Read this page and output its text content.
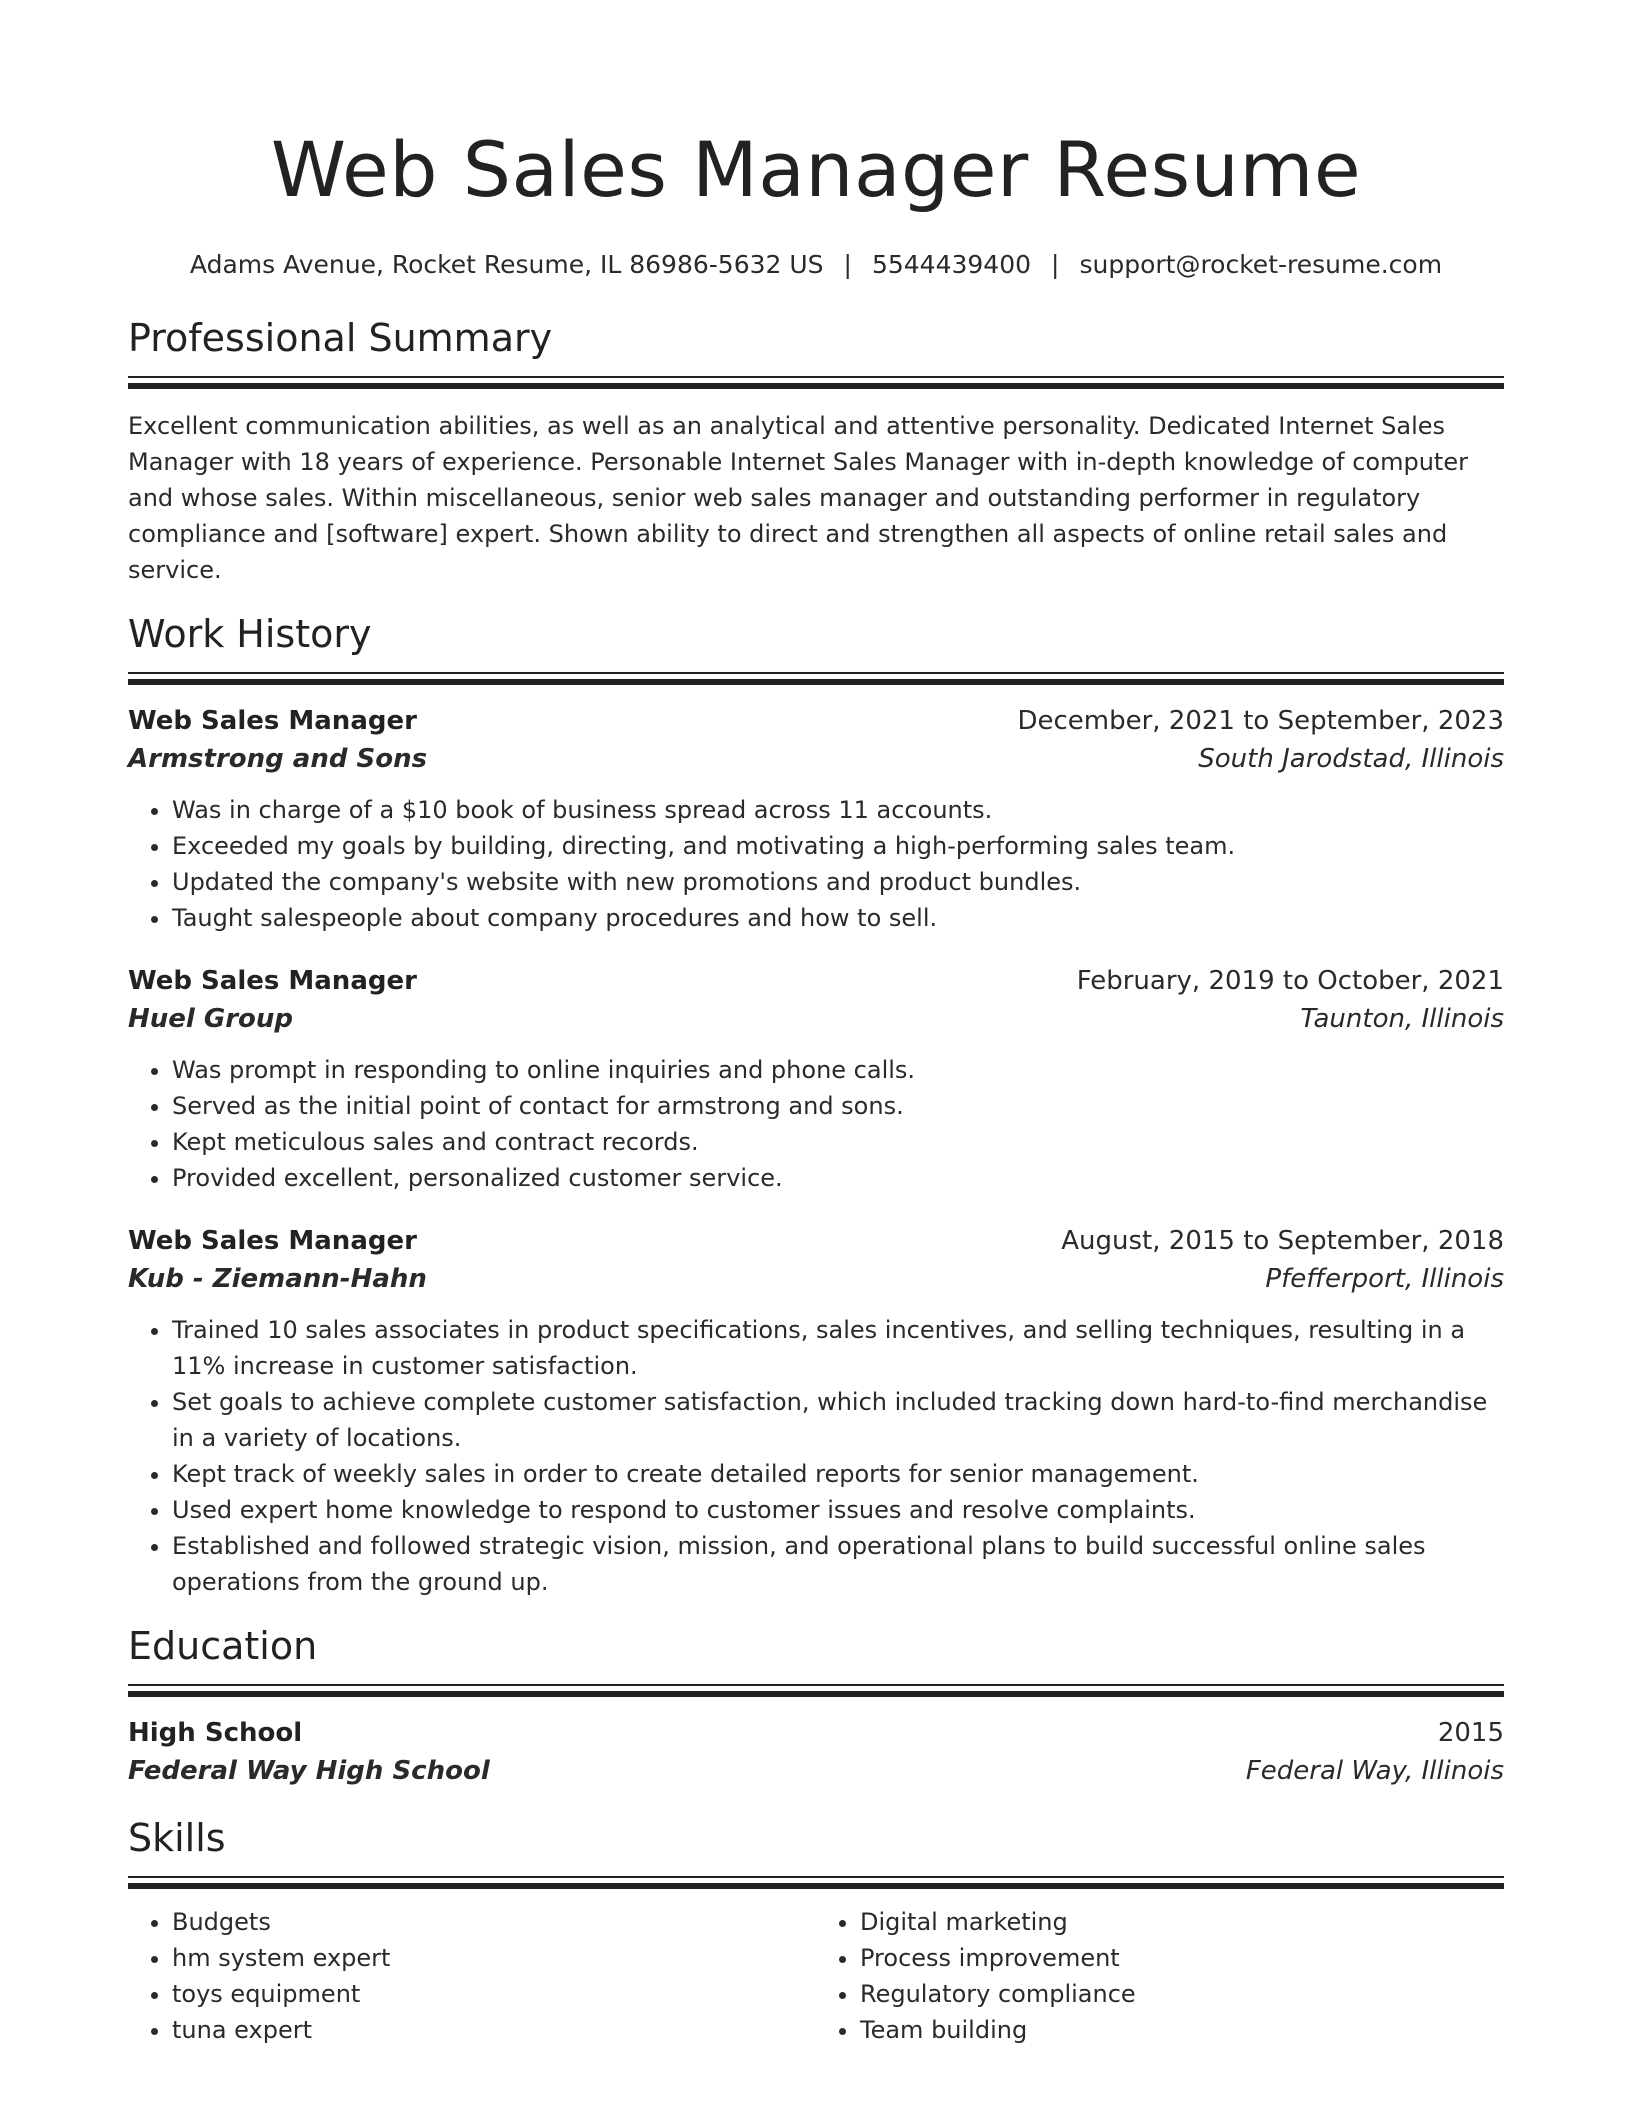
Web Sales Manager Resume
Adams Avenue, Rocket Resume, IL 86986-5632 US | 5544439400 | support@rocket-resume.com
Professional Summary

Excellent communication abilities, as well as an analytical and attentive personality. Dedicated Internet Sales Manager with 18 years of experience. Personable Internet Sales Manager with in-depth knowledge of computer and whose sales. Within miscellaneous, senior web sales manager and outstanding performer in regulatory compliance and [software] expert. Shown ability to direct and strengthen all aspects of online retail sales and service.

Work History
Web Sales Manager	December, 2021 to September, 2023
Armstrong and Sons	South Jarodstad, Illinois
• Was in charge of a $10 book of business spread across 11 accounts.
• Exceeded my goals by building, directing, and motivating a high-performing sales team.
• Updated the company's website with new promotions and product bundles.
• Taught salespeople about company procedures and how to sell.
Web Sales Manager	February, 2019 to October, 2021
Huel Group	Taunton, Illinois
• Was prompt in responding to online inquiries and phone calls.
• Served as the initial point of contact for armstrong and sons.
• Kept meticulous sales and contract records.
• Provided excellent, personalized customer service.
Web Sales Manager	August, 2015 to September, 2018
Kub - Ziemann-Hahn	Pfefferport, Illinois
• Trained 10 sales associates in product specifications, sales incentives, and selling techniques, resulting in a 11% increase in customer satisfaction.
• Set goals to achieve complete customer satisfaction, which included tracking down hard-to-find merchandise in a variety of locations.
• Kept track of weekly sales in order to create detailed reports for senior management.
• Used expert home knowledge to respond to customer issues and resolve complaints.
• Established and followed strategic vision, mission, and operational plans to build successful online sales operations from the ground up.
Education
High School	2015
Federal Way High School	Federal Way, Illinois
Skills
• Budgets
• hm system expert
• toys equipment
• tuna expert
• Digital marketing
• Process improvement
• Regulatory compliance
• Team building
